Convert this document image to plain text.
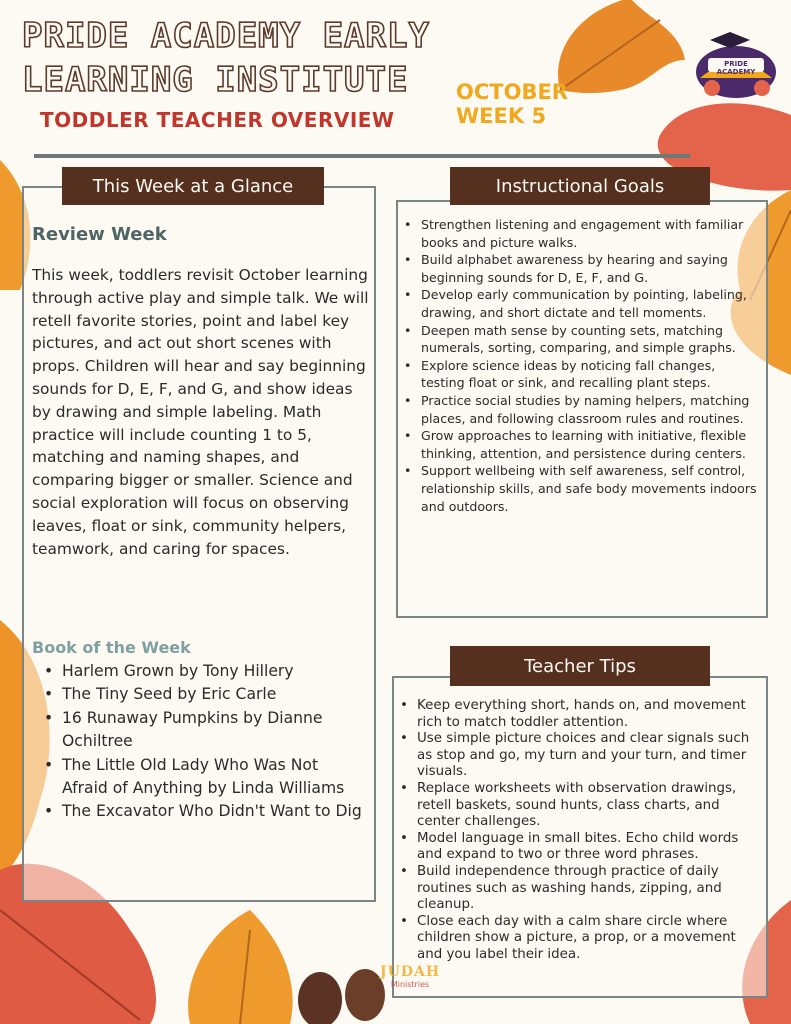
PRIDE ACADEMY EARLY
LEARNING INSTITUTE
TODDLER TEACHER OVERVIEW
OCTOBER
WEEK 5
PRIDE ACADEMY
This Week at a Glance
Review Week
This week, toddlers revisit October learning through active play and simple talk. We will retell favorite stories, point and label key pictures, and act out short scenes with props. Children will hear and say beginning sounds for D, E, F, and G, and show ideas by drawing and simple labeling. Math practice will include counting 1 to 5, matching and naming shapes, and comparing bigger or smaller. Science and social exploration will focus on observing leaves, float or sink, community helpers, teamwork, and caring for spaces.
Book of the Week
• Harlem Grown by Tony Hillery
• The Tiny Seed by Eric Carle
• 16 Runaway Pumpkins by Dianne Ochiltree
• The Little Old Lady Who Was Not Afraid of Anything by Linda Williams
• The Excavator Who Didn't Want to Dig
Instructional Goals
• Strengthen listening and engagement with familiar books and picture walks.
• Build alphabet awareness by hearing and saying beginning sounds for D, E, F, and G.
• Develop early communication by pointing, labeling, drawing, and short dictate and tell moments.
• Deepen math sense by counting sets, matching numerals, sorting, comparing, and simple graphs.
• Explore science ideas by noticing fall changes, testing float or sink, and recalling plant steps.
• Practice social studies by naming helpers, matching places, and following classroom rules and routines.
• Grow approaches to learning with initiative, flexible thinking, attention, and persistence during centers.
• Support wellbeing with self awareness, self control, relationship skills, and safe body movements indoors and outdoors.
Teacher Tips
• Keep everything short, hands on, and movement rich to match toddler attention.
• Use simple picture choices and clear signals such as stop and go, my turn and your turn, and timer visuals.
• Replace worksheets with observation drawings, retell baskets, sound hunts, class charts, and center challenges.
• Model language in small bites. Echo child words and expand to two or three word phrases.
• Build independence through practice of daily routines such as washing hands, zipping, and cleanup.
• Close each day with a calm share circle where children show a picture, a prop, or a movement and you label their idea.
JUDAH
Ministries
